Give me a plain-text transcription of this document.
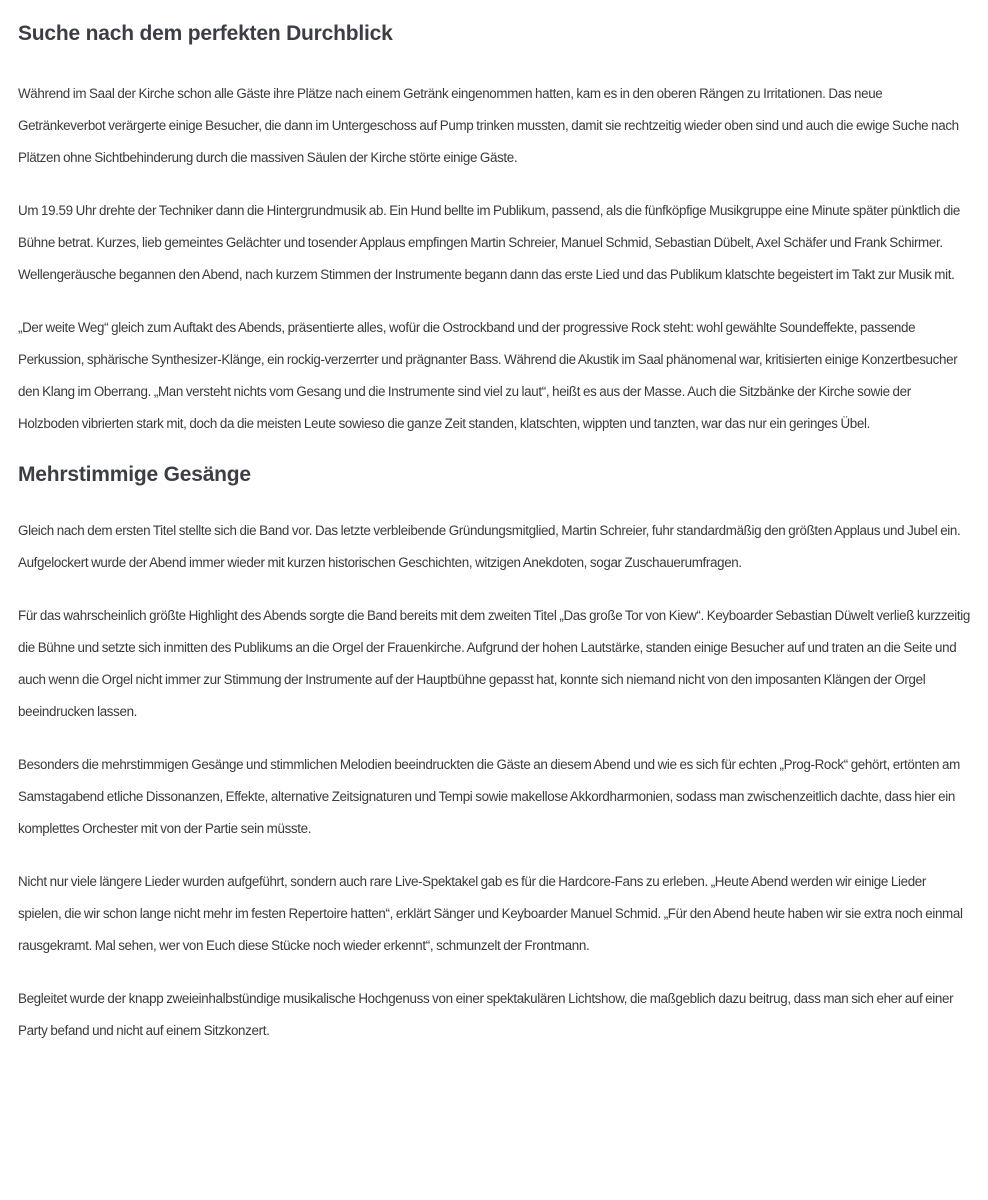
Suche nach dem perfekten Durchblick

Während im Saal der Kirche schon alle Gäste ihre Plätze nach einem Getränk eingenommen hatten, kam es in den oberen Rängen zu Irritationen. Das neue Getränkeverbot verärgerte einige Besucher, die dann im Untergeschoss auf Pump trinken mussten, damit sie rechtzeitig wieder oben sind und auch die ewige Suche nach Plätzen ohne Sichtbehinderung durch die massiven Säulen der Kirche störte einige Gäste.

Um 19.59 Uhr drehte der Techniker dann die Hintergrundmusik ab. Ein Hund bellte im Publikum, passend, als die fünfköpfige Musikgruppe eine Minute später pünktlich die Bühne betrat. Kurzes, lieb gemeintes Gelächter und tosender Applaus empfingen Martin Schreier, Manuel Schmid, Sebastian Dübelt, Axel Schäfer und Frank Schirmer. Wellengeräusche begannen den Abend, nach kurzem Stimmen der Instrumente begann dann das erste Lied und das Publikum klatschte begeistert im Takt zur Musik mit.

„Der weite Weg“ gleich zum Auftakt des Abends, präsentierte alles, wofür die Ostrockband und der progressive Rock steht: wohl gewählte Soundeffekte, passende Perkussion, sphärische Synthesizer-Klänge, ein rockig-verzerrter und prägnanter Bass. Während die Akustik im Saal phänomenal war, kritisierten einige Konzertbesucher den Klang im Oberrang. „Man versteht nichts vom Gesang und die Instrumente sind viel zu laut“, heißt es aus der Masse. Auch die Sitzbänke der Kirche sowie der Holzboden vibrierten stark mit, doch da die meisten Leute sowieso die ganze Zeit standen, klatschten, wippten und tanzten, war das nur ein geringes Übel.

Mehrstimmige Gesänge

Gleich nach dem ersten Titel stellte sich die Band vor. Das letzte verbleibende Gründungsmitglied, Martin Schreier, fuhr standardmäßig den größten Applaus und Jubel ein. Aufgelockert wurde der Abend immer wieder mit kurzen historischen Geschichten, witzigen Anekdoten, sogar Zuschauerumfragen.

Für das wahrscheinlich größte Highlight des Abends sorgte die Band bereits mit dem zweiten Titel „Das große Tor von Kiew“. Keyboarder Sebastian Düwelt verließ kurzzeitig die Bühne und setzte sich inmitten des Publikums an die Orgel der Frauenkirche. Aufgrund der hohen Lautstärke, standen einige Besucher auf und traten an die Seite und auch wenn die Orgel nicht immer zur Stimmung der Instrumente auf der Hauptbühne gepasst hat, konnte sich niemand nicht von den imposanten Klängen der Orgel beeindrucken lassen.

Besonders die mehrstimmigen Gesänge und stimmlichen Melodien beeindruckten die Gäste an diesem Abend und wie es sich für echten „Prog-Rock“ gehört, ertönten am Samstagabend etliche Dissonanzen, Effekte, alternative Zeitsignaturen und Tempi sowie makellose Akkordharmonien, sodass man zwischenzeitlich dachte, dass hier ein komplettes Orchester mit von der Partie sein müsste.

Nicht nur viele längere Lieder wurden aufgeführt, sondern auch rare Live-Spektakel gab es für die Hardcore-Fans zu erleben. „Heute Abend werden wir einige Lieder spielen, die wir schon lange nicht mehr im festen Repertoire hatten“, erklärt Sänger und Keyboarder Manuel Schmid. „Für den Abend heute haben wir sie extra noch einmal rausgekramt. Mal sehen, wer von Euch diese Stücke noch wieder erkennt“, schmunzelt der Frontmann.

Begleitet wurde der knapp zweieinhalbstündige musikalische Hochgenuss von einer spektakulären Lichtshow, die maßgeblich dazu beitrug, dass man sich eher auf einer Party befand und nicht auf einem Sitzkonzert.
